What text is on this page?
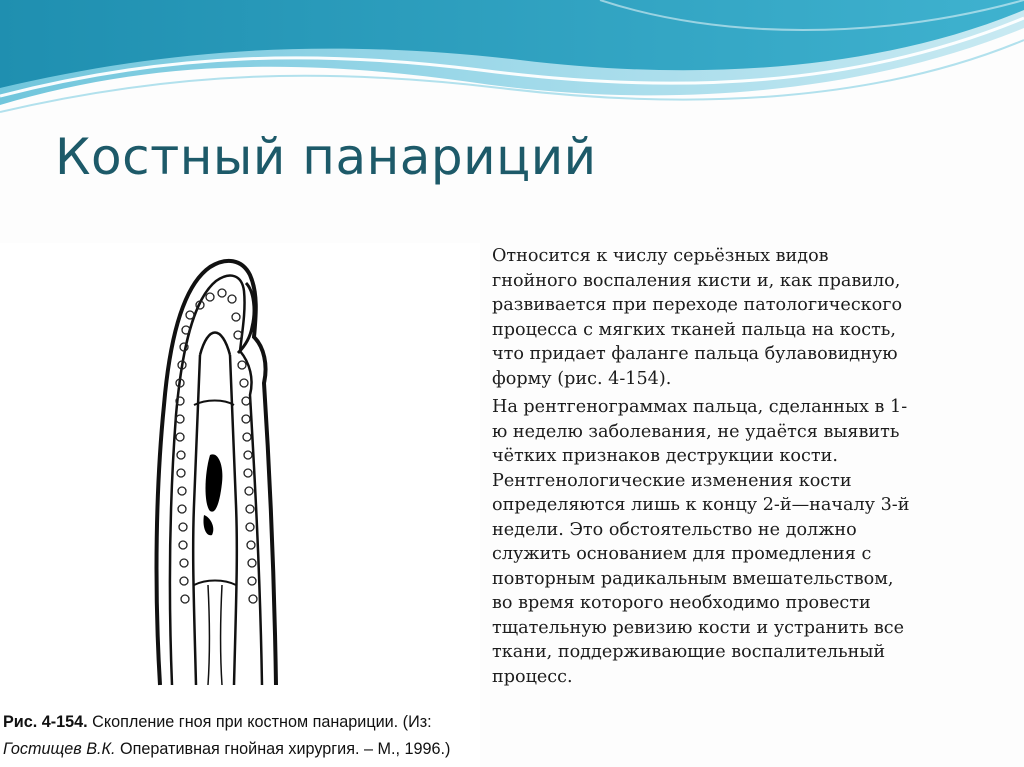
Костный панариций

Рис. 4-154. Скопление гноя при костном панариции. (Из:
Гостищев В.К. Оперативная гнойная хирургия. – М., 1996.)

Относится к числу серьёзных видов
гнойного воспаления кисти и, как правило,
развивается при переходе патологического
процесса с мягких тканей пальца на кость,
что придает фаланге пальца булавовидную
форму (рис. 4-154).

На рентгенограммах пальца, сделанных в 1-
ю неделю заболевания, не удаётся выявить
чётких признаков деструкции кости.
Рентгенологические изменения кости
определяются лишь к концу 2-й—началу 3-й
недели. Это обстоятельство не должно
служить основанием для промедления с
повторным радикальным вмешательством,
во время которого необходимо провести
тщательную ревизию кости и устранить все
ткани, поддерживающие воспалительный
процесс.
